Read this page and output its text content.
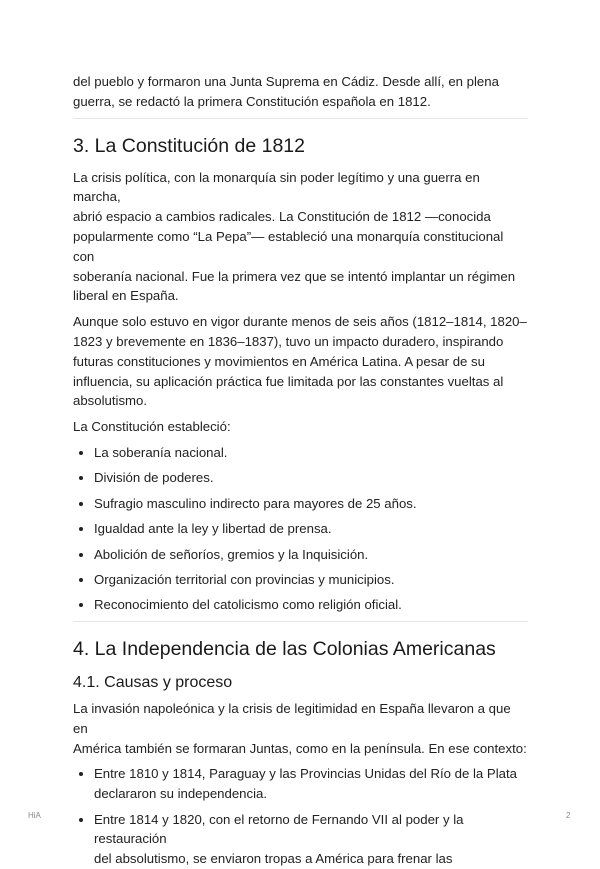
del pueblo y formaron una Junta Suprema en Cádiz. Desde allí, en plena
guerra, se redactó la primera Constitución española en 1812.

3. La Constitución de 1812

La crisis política, con la monarquía sin poder legítimo y una guerra en marcha,
abrió espacio a cambios radicales. La Constitución de 1812 —conocida
popularmente como “La Pepa”— estableció una monarquía constitucional con
soberanía nacional. Fue la primera vez que se intentó implantar un régimen
liberal en España.

Aunque solo estuvo en vigor durante menos de seis años (1812–1814, 1820–
1823 y brevemente en 1836–1837), tuvo un impacto duradero, inspirando
futuras constituciones y movimientos en América Latina. A pesar de su
influencia, su aplicación práctica fue limitada por las constantes vueltas al
absolutismo.

La Constitución estableció:

La soberanía nacional.
División de poderes.
Sufragio masculino indirecto para mayores de 25 años.
Igualdad ante la ley y libertad de prensa.
Abolición de señoríos, gremios y la Inquisición.
Organización territorial con provincias y municipios.
Reconocimiento del catolicismo como religión oficial.
4. La Independencia de las Colonias Americanas
4.1. Causas y proceso

La invasión napoleónica y la crisis de legitimidad en España llevaron a que en
América también se formaran Juntas, como en la península. En ese contexto:

Entre 1810 y 1814, Paraguay y las Provincias Unidas del Río de la Plata
declararon su independencia.
Entre 1814 y 1820, con el retorno de Fernando VII al poder y la restauración
del absolutismo, se enviaron tropas a América para frenar las
HiA	2
